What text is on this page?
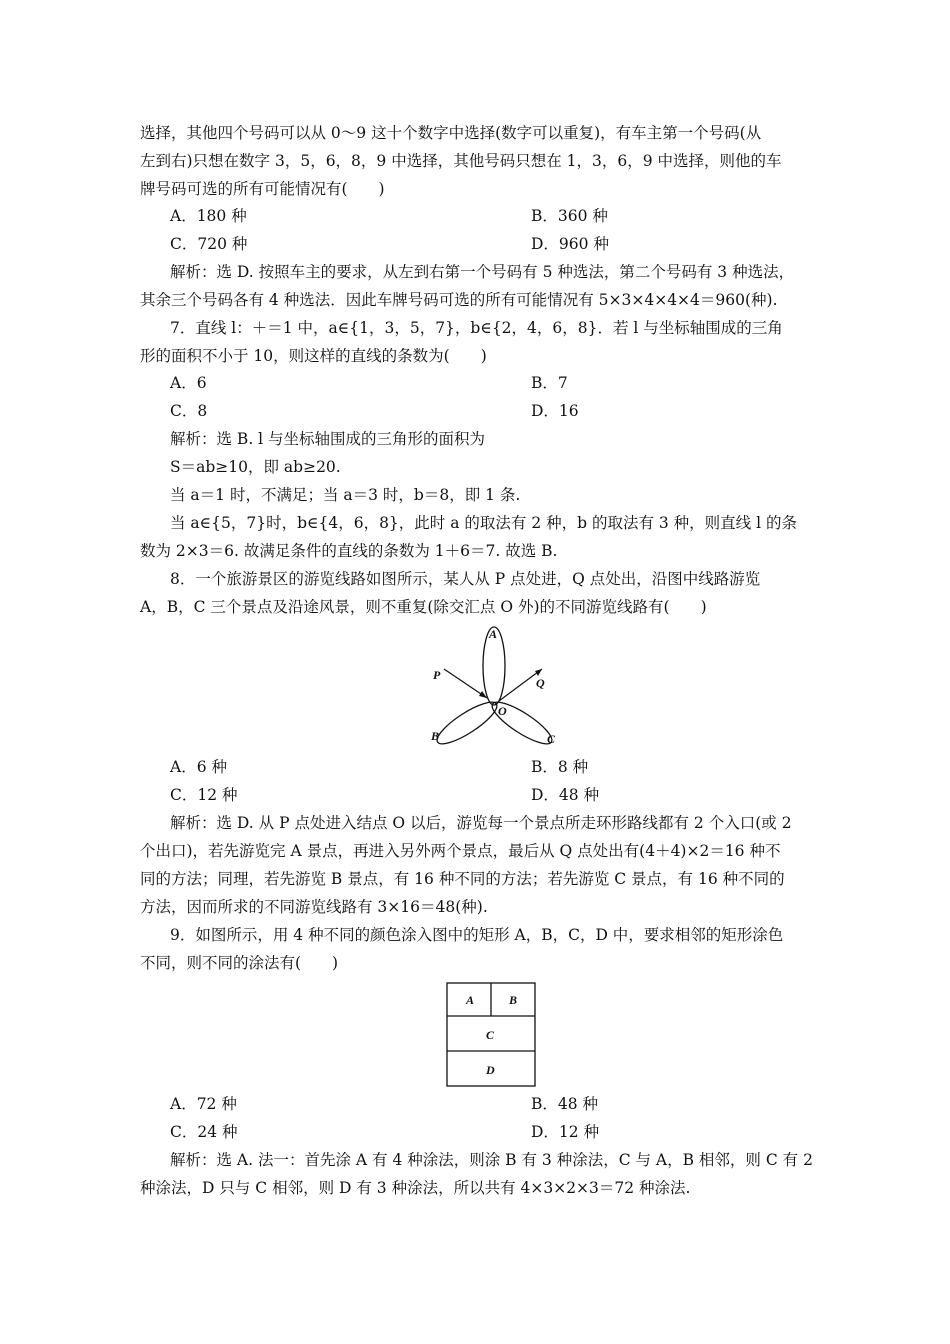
选择，其他四个号码可以从 0～9 这十个数字中选择(数字可以重复)，有车主第一个号码(从
左到右)只想在数字 3，5，6，8，9 中选择，其他号码只想在 1，3，6，9 中选择，则他的车
牌号码可选的所有可能情况有(　　)
A．180 种	B．360 种
C．720 种	D．960 种
解析：选 D. 按照车主的要求，从左到右第一个号码有 5 种选法，第二个号码有 3 种选法，
其余三个号码各有 4 种选法．因此车牌号码可选的所有可能情况有 5×3×4×4×4＝960(种).
7．直线 l：＋＝1 中，a∈{1，3，5，7}，b∈{2，4，6，8}．若 l 与坐标轴围成的三角
形的面积不小于 10，则这样的直线的条数为(　　)
A．6	B．7
C．8	D．16
解析：选 B. l 与坐标轴围成的三角形的面积为
S＝ab≥10，即 ab≥20.
当 a＝1 时，不满足；当 a＝3 时，b＝8，即 1 条.
当 a∈{5，7}时，b∈{4，6，8}，此时 a 的取法有 2 种，b 的取法有 3 种，则直线 l 的条
数为 2×3＝6. 故满足条件的直线的条数为 1＋6＝7. 故选 B.
8．一个旅游景区的游览线路如图所示，某人从 P 点处进，Q 点处出，沿图中线路游览
A，B，C 三个景点及沿途风景，则不重复(除交汇点 O 外)的不同游览线路有(　　)
A
B	C
O
P
Q
A．6 种	B．8 种
C．12 种	D．48 种
解析：选 D. 从 P 点处进入结点 O 以后，游览每一个景点所走环形路线都有 2 个入口(或 2
个出口)，若先游览完 A 景点，再进入另外两个景点，最后从 Q 点处出有(4＋4)×2＝16 种不
同的方法；同理，若先游览 B 景点，有 16 种不同的方法；若先游览 C 景点，有 16 种不同的
方法，因而所求的不同游览线路有 3×16＝48(种).
9．如图所示，用 4 种不同的颜色涂入图中的矩形 A，B，C，D 中，要求相邻的矩形涂色
不同，则不同的涂法有(　　)
A	B
C
D
A．72 种	B．48 种
C．24 种	D．12 种
解析：选 A. 法一：首先涂 A 有 4 种涂法，则涂 B 有 3 种涂法，C 与 A，B 相邻，则 C 有 2
种涂法，D 只与 C 相邻，则 D 有 3 种涂法，所以共有 4×3×2×3＝72 种涂法.
